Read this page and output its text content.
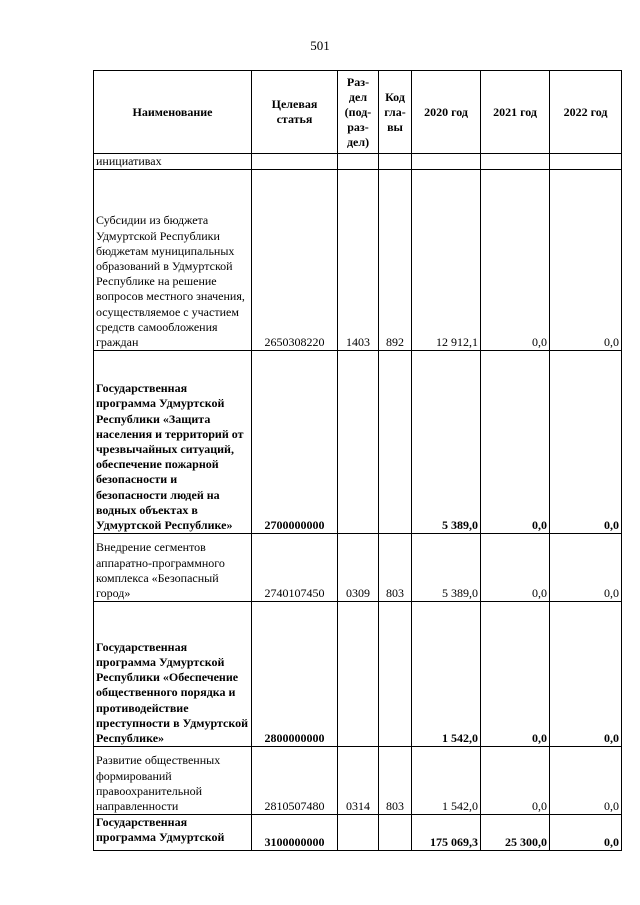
501
Наименование	Целевая статья	Раз-дел (под-раз-дел)	Код гла-вы	2020 год	2021 год	2022 год
инициативах						
Субсидии из бюджета Удмуртской Республики бюджетам муниципальных образований в Удмуртской Республике на решение вопросов местного значения, осуществляемое с участием средств самообложения граждан	2650308220	1403	892	12 912,1	0,0	0,0
Государственная программа Удмуртской Республики «Защита населения и территорий от чрезвычайных ситуаций, обеспечение пожарной безопасности и безопасности людей на водных объектах в Удмуртской Республике»	2700000000			5 389,0	0,0	0,0
Внедрение сегментов аппаратно-программного комплекса «Безопасный город»	2740107450	0309	803	5 389,0	0,0	0,0
Государственная программа Удмуртской Республики «Обеспечение общественного порядка и противодействие преступности в Удмуртской Республике»	2800000000			1 542,0	0,0	0,0
Развитие общественных формирований правоохранительной направленности	2810507480	0314	803	1 542,0	0,0	0,0
Государственная программа Удмуртской	3100000000			175 069,3	25 300,0	0,0
